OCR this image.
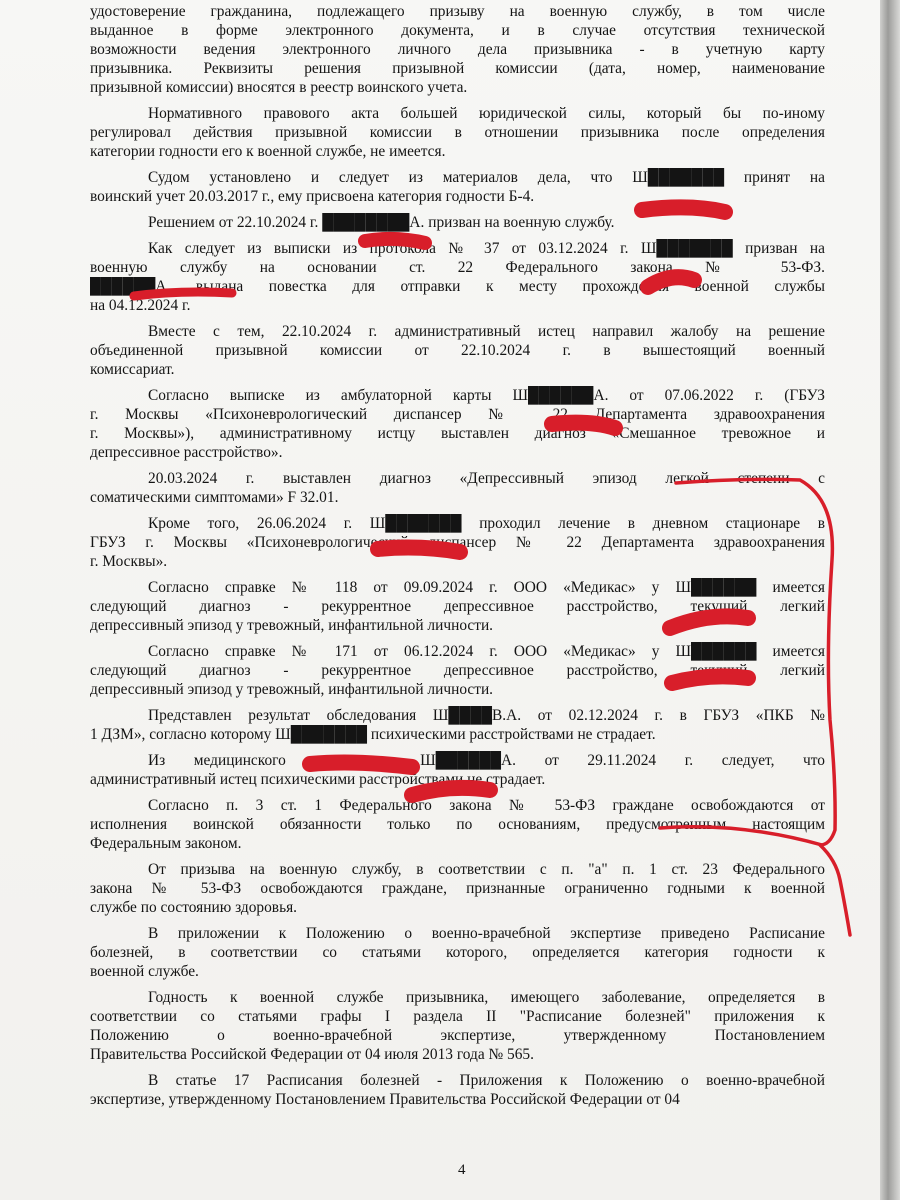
удостоверение гражданина, подлежащего призыву на военную службу, в том числе
выданное в форме электронного документа, и в случае отсутствия технической
возможности ведения электронного личного дела призывника - в учетную карту
призывника. Реквизиты решения призывной комиссии (дата, номер, наименование
призывной комиссии) вносятся в реестр воинского учета.

Нормативного правового акта большей юридической силы, который бы по-иному
регулировал действия призывной комиссии в отношении призывника после определения
категории годности его к военной службе, не имеется.

Судом установлено и следует из материалов дела, что Ш███████ принят на
воинский учет 20.03.2017 г., ему присвоена категория годности Б-4.

Решением от 22.10.2024 г. ████████А. призван на военную службу.

Как следует из выписки из протокола № 37 от 03.12.2024 г. Ш███████ призван на
военную службу на основании ст. 22 Федерального закона № 53-ФЗ.
██████А. выдана повестка для отправки к месту прохождения военной службы
на 04.12.2024 г.

Вместе с тем, 22.10.2024 г. административный истец направил жалобу на решение
объединенной призывной комиссии от 22.10.2024 г. в вышестоящий военный
комиссариат.

Согласно выписке из амбулаторной карты Ш██████А. от 07.06.2022 г. (ГБУЗ
г. Москвы «Психоневрологический диспансер № 22 Департамента здравоохранения
г. Москвы»), административному истцу выставлен диагноз «Смешанное тревожное и
депрессивное расстройство».

20.03.2024 г. выставлен диагноз «Депрессивный эпизод легкой степени с
соматическими симптомами» F 32.01.

Кроме того, 26.06.2024 г. Ш███████ проходил лечение в дневном стационаре в
ГБУЗ г. Москвы «Психоневрологический диспансер № 22 Департамента здравоохранения
г. Москвы».

Согласно справке № 118 от 09.09.2024 г. ООО «Медикас» у Ш██████ имеется
следующий диагноз - рекуррентное депрессивное расстройство, текущий легкий
депрессивный эпизод у тревожный, инфантильной личности.

Согласно справке № 171 от 06.12.2024 г. ООО «Медикас» у Ш██████ имеется
следующий диагноз - рекуррентное депрессивное расстройство, текущий легкий
депрессивный эпизод у тревожный, инфантильной личности.

Представлен результат обследования Ш████В.А. от 02.12.2024 г. в ГБУЗ «ПКБ №
1 ДЗМ», согласно которому Ш███████ психическими расстройствами не страдает.

Из медицинского заключения Ш██████А. от 29.11.2024 г. следует, что
административный истец психическими расстройствами не страдает.

Согласно п. 3 ст. 1 Федерального закона № 53-ФЗ граждане освобождаются от
исполнения воинской обязанности только по основаниям, предусмотренным настоящим
Федеральным законом.

От призыва на военную службу, в соответствии с п. "а" п. 1 ст. 23 Федерального
закона № 53-ФЗ освобождаются граждане, признанные ограниченно годными к военной
службе по состоянию здоровья.

В приложении к Положению о военно-врачебной экспертизе приведено Расписание
болезней, в соответствии со статьями которого, определяется категория годности к
военной службе.

Годность к военной службе призывника, имеющего заболевание, определяется в
соответствии со статьями графы I раздела II "Расписание болезней" приложения к
Положению о военно-врачебной экспертизе, утвержденному Постановлением
Правительства Российской Федерации от 04 июля 2013 года № 565.

В статье 17 Расписания болезней - Приложения к Положению о военно-врачебной
экспертизе, утвержденному Постановлением Правительства Российской Федерации от 04

4
